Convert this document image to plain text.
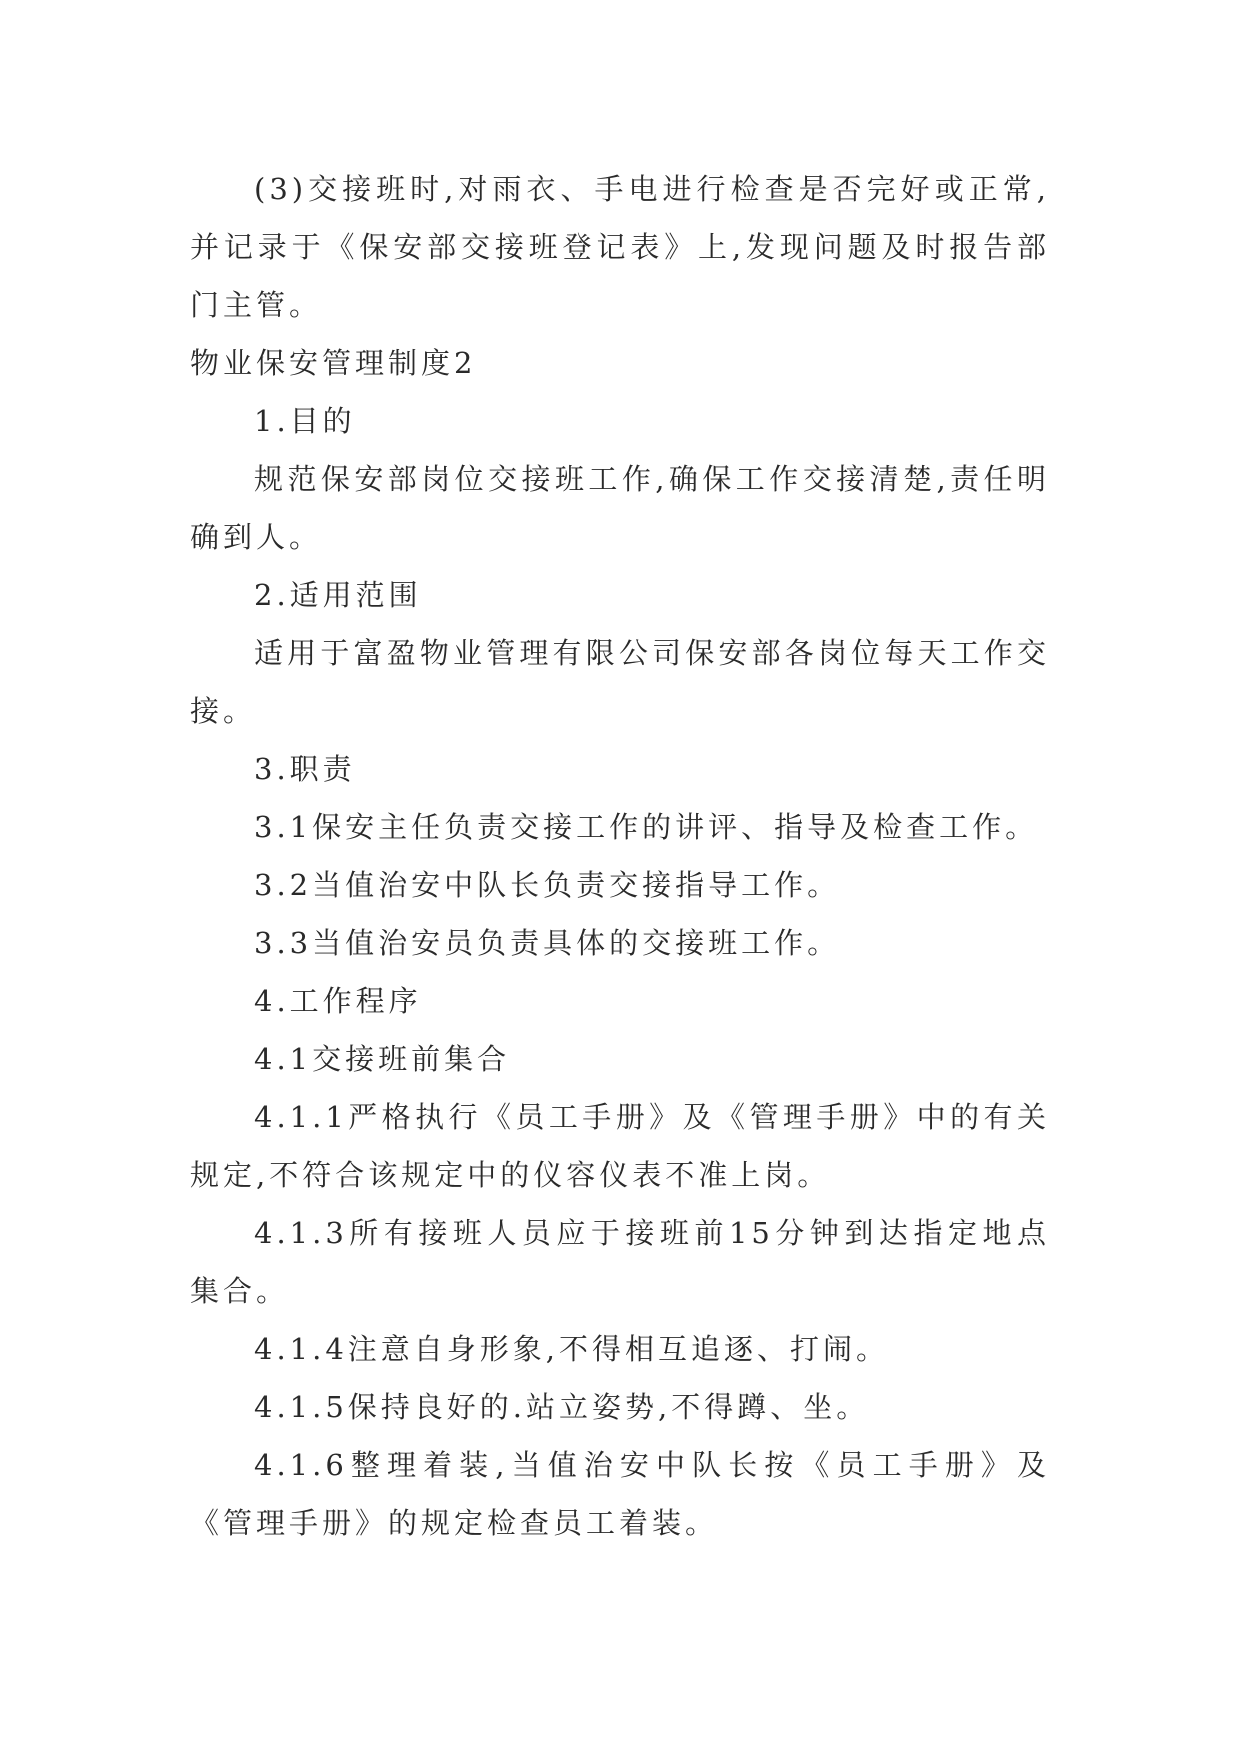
(3)交接班时,对雨衣、手电进行检查是否完好或正常,并记录于《保安部交接班登记表》上,发现问题及时报告部门主管。

物业保安管理制度2

1.目的

规范保安部岗位交接班工作,确保工作交接清楚,责任明确到人。

2.适用范围

适用于富盈物业管理有限公司保安部各岗位每天工作交接。

3.职责

3.1保安主任负责交接工作的讲评、指导及检查工作。

3.2当值治安中队长负责交接指导工作。

3.3当值治安员负责具体的交接班工作。

4.工作程序

4.1交接班前集合

4.1.1严格执行《员工手册》及《管理手册》中的有关规定,不符合该规定中的仪容仪表不准上岗。

4.1.3所有接班人员应于接班前15分钟到达指定地点集合。

4.1.4注意自身形象,不得相互追逐、打闹。

4.1.5保持良好的.站立姿势,不得蹲、坐。

4.1.6整理着装,当值治安中队长按《员工手册》及《管理手册》的规定检查员工着装。
